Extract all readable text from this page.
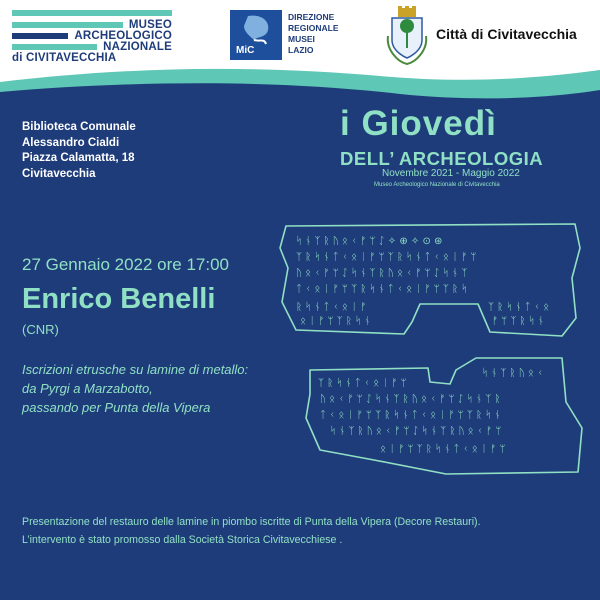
MUSEO
ARCHEOLOGICO
NAZIONALE
di CIVITAVECCHIA
MiC
DIREZIONE
REGIONALE
MUSEI
LAZIO
Città di Civitavecchia
Biblioteca Comunale
Alessandro Cialdi
Piazza Calamatta, 18
Civitavecchia
i Giovedì
DELL’ ARCHEOLOGIA
Novembre 2021 - Maggio 2022
Museo Archeologico Nazionale di Civitavecchia
27 Gennaio 2022 ore 17:00
Enrico Benelli
(CNR)
Iscrizioni etrusche su lamine di metallo:
da Pyrgi a Marzabotto,
passando per Punta della Vipera
ᛋ ᚾ ᛉ ᚱ ᚢ ᛟ ᚲ ᚠ ᛘ ᛇ ✧ ⊕ ✧ ⊙ ⊛
ᛉ ᚱ ᛋ ᚾ ᛏ ᚲ ᛟ ᛁ ᚠ ᛘ ᛉ ᚱ ᛋ ᚾ ᛏ ᚲ ᛟ ᛁ ᚠ ᛘ
ᚢ ᛟ ᚲ ᚠ ᛘ ᛇ ᛋ ᚾ ᛉ ᚱ ᚢ ᛟ ᚲ ᚠ ᛘ ᛇ ᛋ ᚾ ᛉ
ᛏ ᚲ ᛟ ᛁ ᚠ ᛘ ᛉ ᚱ ᛋ ᚾ ᛏ ᚲ ᛟ ᛁ ᚠ ᛘ ᛉ ᚱ ᛋ
ᚱ ᛋ ᚾ ᛏ ᚲ ᛟ ᛁ ᚠ	ᛉ ᚱ ᛋ ᚾ ᛏ ᚲ ᛟ
ᛟ ᛁ ᚠ ᛘ ᛉ ᚱ ᛋ ᚾ	ᚠ ᛘ ᛉ ᚱ ᛋ ᚾ
ᛉ ᚱ ᛋ ᚾ ᛏ ᚲ ᛟ ᛁ ᚠ ᛘ
ᛋ ᚾ ᛉ ᚱ ᚢ ᛟ ᚲ
ᚢ ᛟ ᚲ ᚠ ᛘ ᛇ ᛋ ᚾ ᛉ ᚱ ᚢ ᛟ ᚲ ᚠ ᛘ ᛇ ᛋ ᚾ ᛉ ᚱ
ᛏ ᚲ ᛟ ᛁ ᚠ ᛘ ᛉ ᚱ ᛋ ᚾ ᛏ ᚲ ᛟ ᛁ ᚠ ᛘ ᛉ ᚱ ᛋ ᚾ
ᛋ ᚾ ᛉ ᚱ ᚢ ᛟ ᚲ ᚠ ᛘ ᛇ ᛋ ᚾ ᛉ ᚱ ᚢ ᛟ ᚲ ᚠ ᛘ
ᛟ ᛁ ᚠ ᛘ ᛉ ᚱ ᛋ ᚾ ᛏ ᚲ ᛟ ᛁ ᚠ ᛘ
Presentazione del restauro delle lamine in piombo iscritte di Punta della Vipera (Decore Restauri).
L’intervento è stato promosso dalla Società Storica Civitavecchiese .
